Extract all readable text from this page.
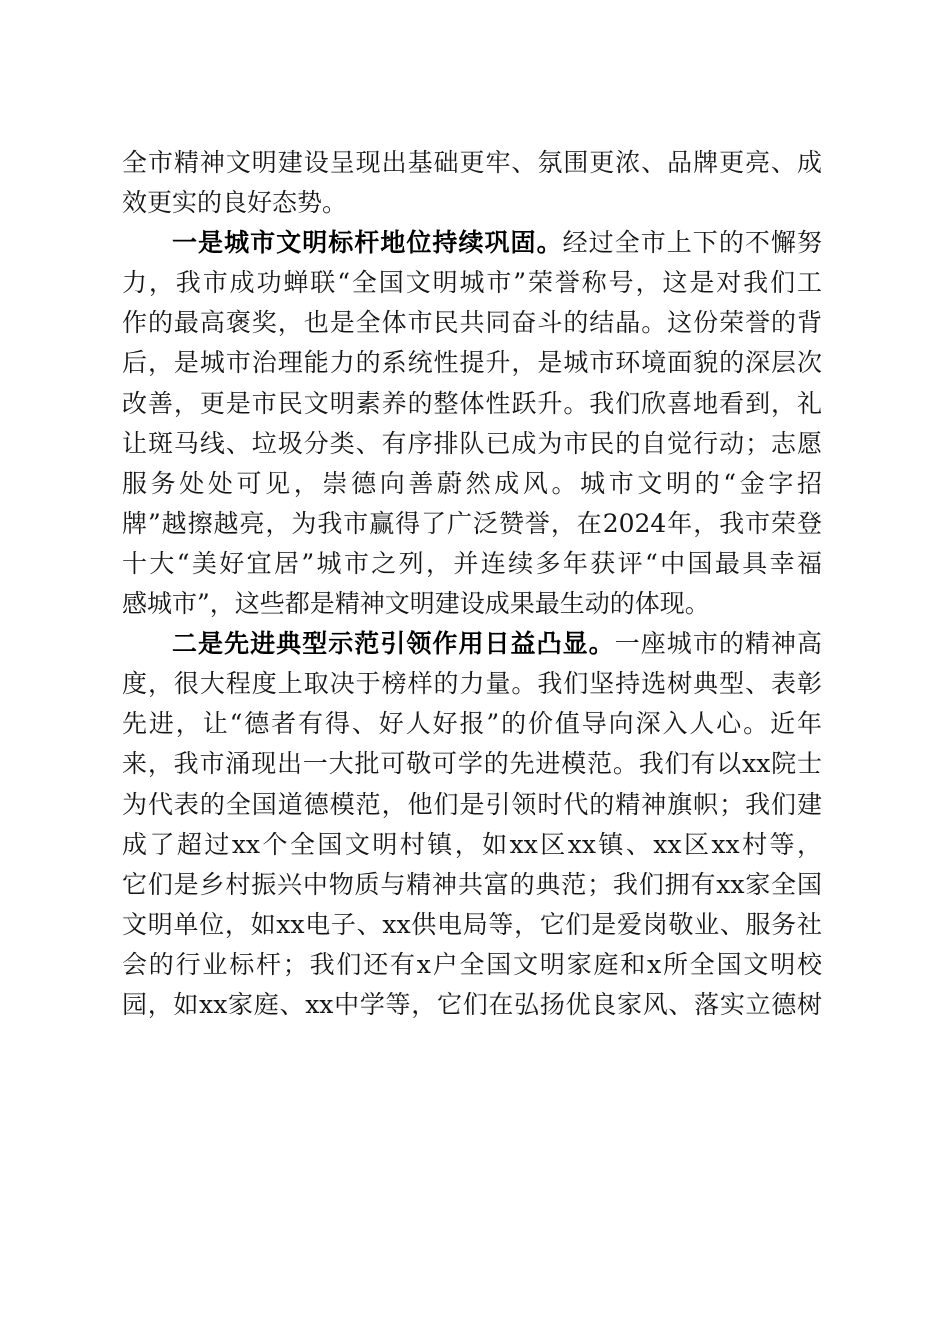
全市精神文明建设呈现出基础更牢、氛围更浓、品牌更亮、成
效更实的良好态势。
一是城市文明标杆地位持续巩固。经过全市上下的不懈努
力，我市成功蝉联“全国文明城市”荣誉称号，这是对我们工
作的最高褒奖，也是全体市民共同奋斗的结晶。这份荣誉的背
后，是城市治理能力的系统性提升，是城市环境面貌的深层次
改善，更是市民文明素养的整体性跃升。我们欣喜地看到，礼
让斑马线、垃圾分类、有序排队已成为市民的自觉行动；志愿
服务处处可见，崇德向善蔚然成风。城市文明的“金字招
牌”越擦越亮，为我市赢得了广泛赞誉，在2024年，我市荣登
十大“美好宜居”城市之列，并连续多年获评“中国最具幸福
感城市”，这些都是精神文明建设成果最生动的体现。
二是先进典型示范引领作用日益凸显。一座城市的精神高
度，很大程度上取决于榜样的力量。我们坚持选树典型、表彰
先进，让“德者有得、好人好报”的价值导向深入人心。近年
来，我市涌现出一大批可敬可学的先进模范。我们有以xx院士
为代表的全国道德模范，他们是引领时代的精神旗帜；我们建
成了超过xx个全国文明村镇，如xx区xx镇、xx区xx村等，
它们是乡村振兴中物质与精神共富的典范；我们拥有xx家全国
文明单位，如xx电子、xx供电局等，它们是爱岗敬业、服务社
会的行业标杆；我们还有x户全国文明家庭和x所全国文明校
园，如xx家庭、xx中学等，它们在弘扬优良家风、落实立德树
